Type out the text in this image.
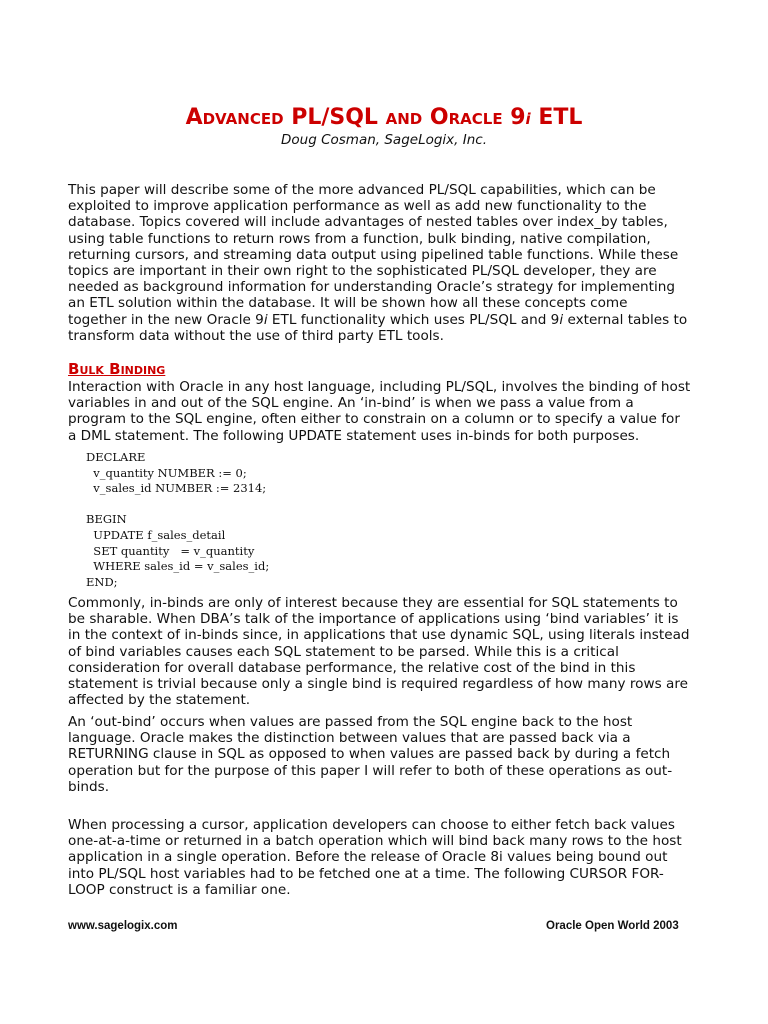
ADVANCED PL/SQL AND ORACLE 9i ETL
Doug Cosman, SageLogix, Inc.
This paper will describe some of the more advanced PL/SQL capabilities, which can be
exploited to improve application performance as well as add new functionality to the
database. Topics covered will include advantages of nested tables over index_by tables,
using table functions to return rows from a function, bulk binding, native compilation,
returning cursors, and streaming data output using pipelined table functions. While these
topics are important in their own right to the sophisticated PL/SQL developer, they are
needed as background information for understanding Oracle’s strategy for implementing
an ETL solution within the database. It will be shown how all these concepts come
together in the new Oracle 9i ETL functionality which uses PL/SQL and 9i external tables to
transform data without the use of third party ETL tools.
BULK BINDING
Interaction with Oracle in any host language, including PL/SQL, involves the binding of host
variables in and out of the SQL engine. An ‘in-bind’ is when we pass a value from a
program to the SQL engine, often either to constrain on a column or to specify a value for
a DML statement. The following UPDATE statement uses in-binds for both purposes.
DECLARE
v_quantity NUMBER := 0;
v_sales_id NUMBER := 2314;

BEGIN
UPDATE f_sales_detail
SET quantity   = v_quantity
WHERE sales_id = v_sales_id;
END;
Commonly, in-binds are only of interest because they are essential for SQL statements to
be sharable. When DBA’s talk of the importance of applications using ‘bind variables’ it is
in the context of in-binds since, in applications that use dynamic SQL, using literals instead
of bind variables causes each SQL statement to be parsed. While this is a critical
consideration for overall database performance, the relative cost of the bind in this
statement is trivial because only a single bind is required regardless of how many rows are
affected by the statement.
An ‘out-bind’ occurs when values are passed from the SQL engine back to the host
language. Oracle makes the distinction between values that are passed back via a
RETURNING clause in SQL as opposed to when values are passed back by during a fetch
operation but for the purpose of this paper I will refer to both of these operations as out-
binds.
When processing a cursor, application developers can choose to either fetch back values
one-at-a-time or returned in a batch operation which will bind back many rows to the host
application in a single operation. Before the release of Oracle 8i values being bound out
into PL/SQL host variables had to be fetched one at a time. The following CURSOR FOR-
LOOP construct is a familiar one.
www.sagelogix.com	Oracle Open World 2003
